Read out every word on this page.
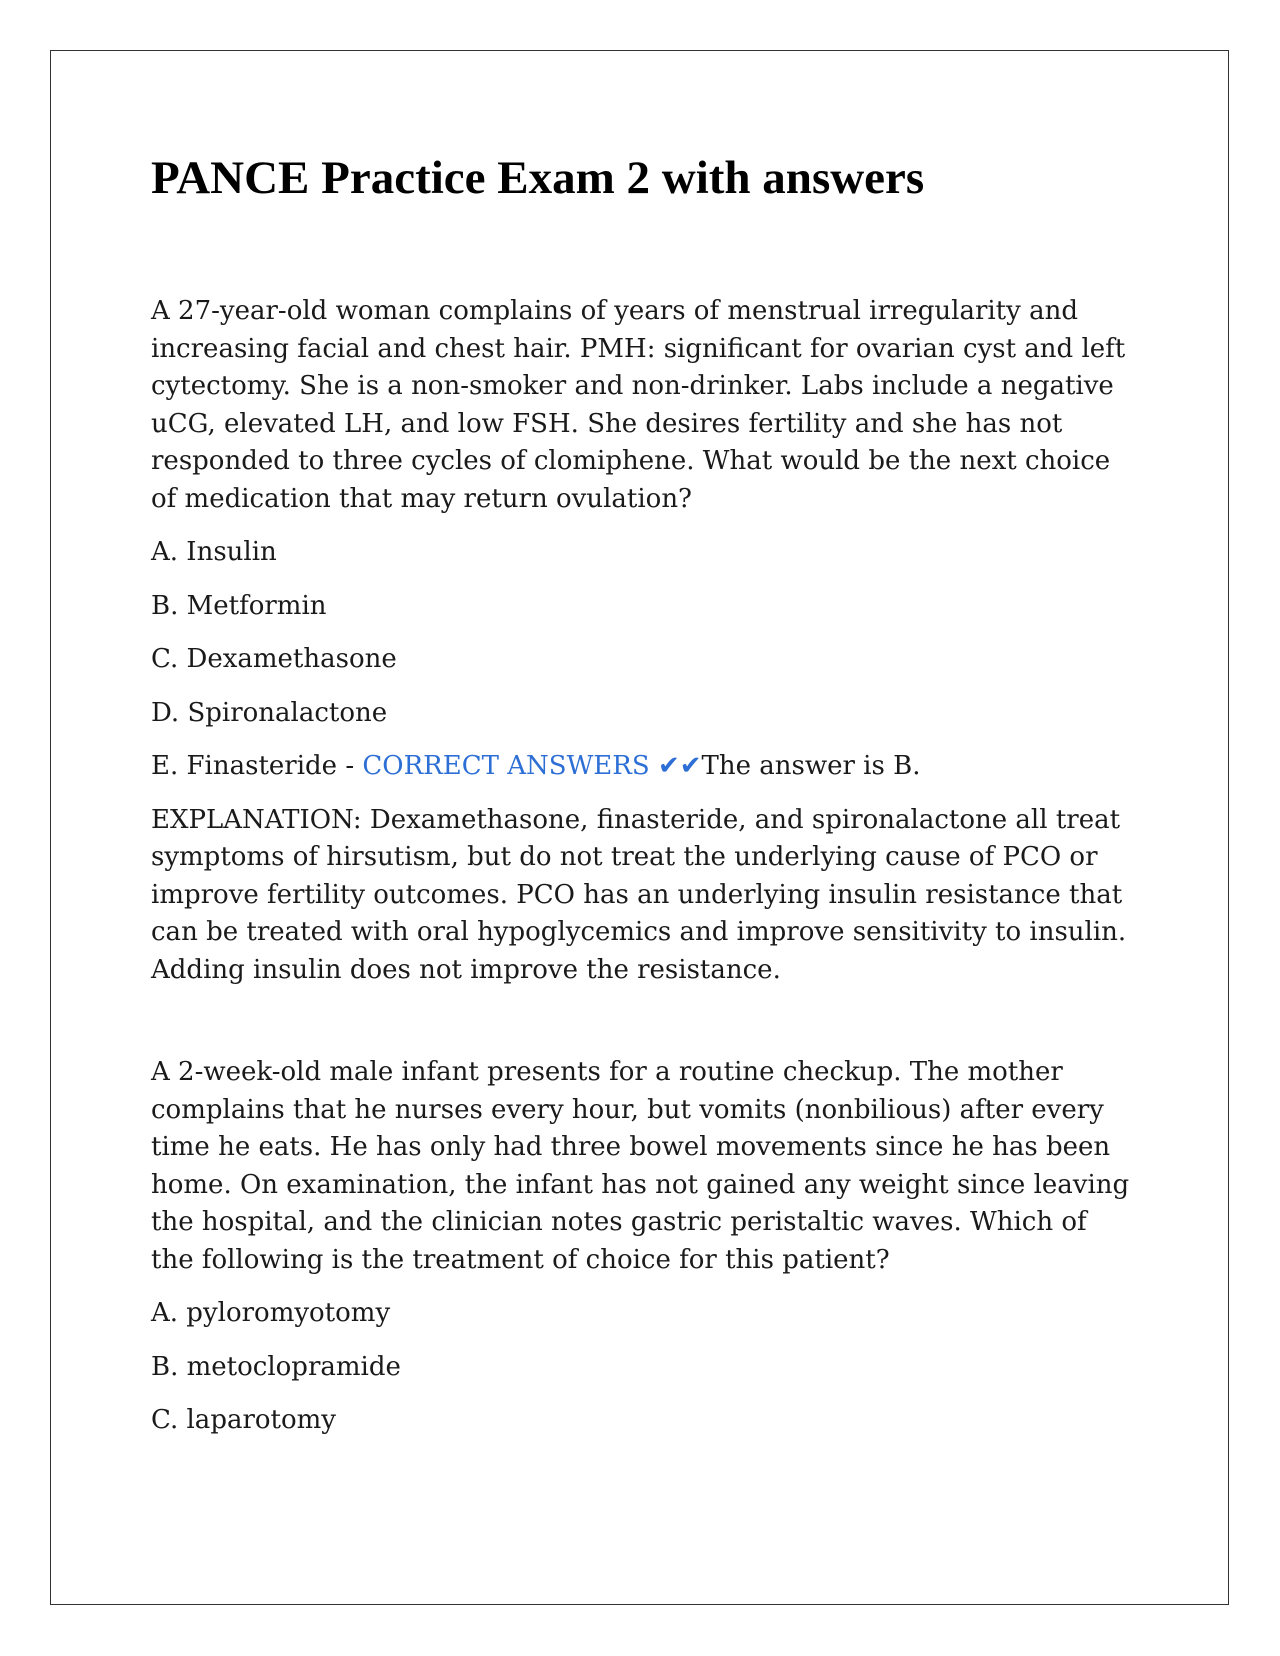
PANCE Practice Exam 2 with answers

A 27-year-old woman complains of years of menstrual irregularity and increasing facial and chest hair. PMH: significant for ovarian cyst and left cytectomy. She is a non-smoker and non-drinker. Labs include a negative uCG, elevated LH, and low FSH. She desires fertility and she has not responded to three cycles of clomiphene. What would be the next choice of medication that may return ovulation?

A. Insulin

B. Metformin

C. Dexamethasone

D. Spironalactone

E. Finasteride - CORRECT ANSWERS ✔✔The answer is B.

EXPLANATION: Dexamethasone, finasteride, and spironalactone all treat symptoms of hirsutism, but do not treat the underlying cause of PCO or improve fertility outcomes. PCO has an underlying insulin resistance that can be treated with oral hypoglycemics and improve sensitivity to insulin. Adding insulin does not improve the resistance.

A 2-week-old male infant presents for a routine checkup. The mother complains that he nurses every hour, but vomits (nonbilious) after every time he eats. He has only had three bowel movements since he has been home. On examination, the infant has not gained any weight since leaving the hospital, and the clinician notes gastric peristaltic waves. Which of the following is the treatment of choice for this patient?

A. pyloromyotomy

B. metoclopramide

C. laparotomy
